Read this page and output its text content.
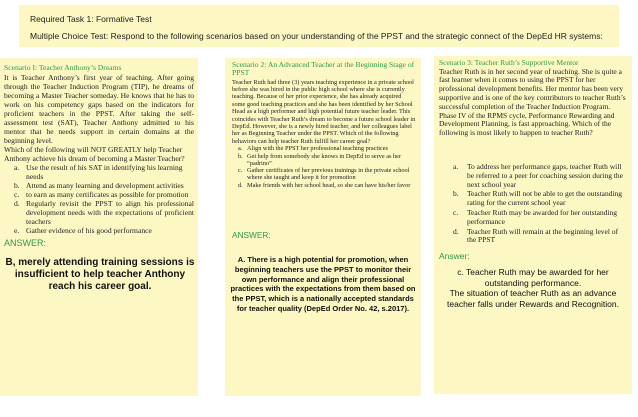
Required Task 1: Formative Test
Multiple Choice Test: Respond to the following scenarios based on your understanding of the PPST and the strategic connect of the DepEd HR systems:

Scenario I: Teacher Anthony’s Dreams

It is Teacher Anthony’s first year of teaching. After going through the Teacher Induction Program (TIP), he dreams of becoming a Master Teacher someday. He knows that he has to work on his competency gaps based on the indicators for proficient teachers in the PPST. After taking the self-assessment test (SAT), Teacher Anthony admitted to his mentor that he needs support in certain domains at the beginning level.

Which of the following will NOT GREATLY help Teacher Anthony achieve his dream of becoming a Master Teacher?

a. Use the result of his SAT in identifying his learning needs
b. Attend as many learning and development activities
c. to earn as many certificates as possible for promotion
d. Regularly revisit the PPST to align his professional development needs with the expectations of proficient teachers
e. Gather evidence of his good performance
ANSWER:
B, merely attending training sessions is insufficient to help teacher Anthony reach his career goal.

Scenario 2: An Advanced Teacher at the Beginning Stage of PPST

Teacher Ruth had three (3) years teaching experience in a private school before she was hired in the public high school where she is currently teaching. Because of her prior experience, she has already acquired some good teaching practices and she has been identified by her School Head as a high performer and high potential future teacher leader. This coincides with Teacher Ruth’s dream to become a future school leader in DepEd. However, she is a newly hired teacher, and her colleagues label her as Beginning Teacher under the PPST. Which of the following behaviors can help teacher Ruth fulfill her career goal?

a. Align with the PPST her professional teaching practices
b. Get help from somebody she knows in DepEd to serve as her “padrino”
c. Gather certificates of her previous trainings in the private school where she taught and keep it for promotion
d. Make friends with her school head, so she can have his/her favor
ANSWER:
A. There is a high potential for promotion, when beginning teachers use the PPST to monitor their own performance and align their professional practices with the expectations from them based on the PPST, which is a nationally accepted standards for teacher quality (DepEd Order No. 42, s.2017).

Scenario 3: Teacher Ruth’s Supportive Mentor

Teacher Ruth is in her second year of teaching. She is quite a fast learner when it comes to using the PPST for her professional development benefits. Her mentor has been very supportive and is one of the key contributors to teacher Ruth’s successful completion of the Teacher Induction Program. Phase IV of the RPMS cycle, Performance Rewarding and Development Planning, is fast approaching. Which of the following is most likely to happen to teacher Ruth?

a. To address her performance gaps, teacher Ruth will be referred to a peer for coaching session during the next school year
b. Teacher Ruth will not be able to get the outstanding rating for the current school year
c. Teacher Ruth may be awarded for her outstanding performance
d. Teacher Ruth will remain at the beginning level of the PPST
Answer:
c. Teacher Ruth may be awarded for her outstanding performance.
The situation of teacher Ruth as an advance teacher falls under Rewards and Recognition.
